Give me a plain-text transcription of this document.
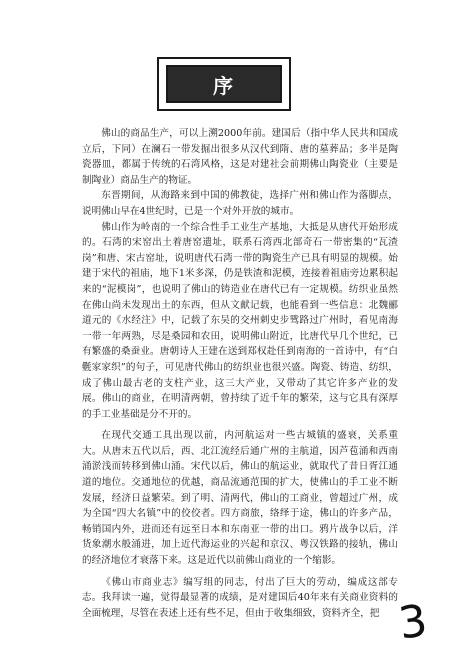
序

佛山的商品生产，可以上溯2000年前。建国后（指中华人民共和国成立后，下同）在澜石一带发掘出很多从汉代到隋、唐的墓葬品；多半是陶瓷器皿，都属于传统的石湾风格，这是对建社会前期佛山陶瓷业（主要是制陶业）商品生产的物证。

东晋期间，从海路来到中国的佛教徒，选择广州和佛山作为落脚点，说明佛山早在4世纪时，已是一个对外开放的城市。

佛山作为岭南的一个综合性手工业生产基地，大抵是从唐代开始形成的。石湾的宋窑出土着唐窑遗址，联系石湾西北部奇石一带密集的“瓦渣岗”和唐、宋古窑址，说明唐代石湾一带的陶瓷生产已具有明显的规模。始建于宋代的祖庙，地下1米多深，仍是铁渣和泥模，连接着祖庙旁边累积起来的“泥模岗”，也说明了佛山的铸造业在唐代已有一定规模。纺织业虽然在佛山尚未发现出土的东西，但从文献记载，也能看到一些信息：北魏郦道元的《水经注》中，记载了东吴的交州刺史步骘路过广州时，看见南海一带一年两熟，尽是桑园和农田，说明佛山附近，比唐代早几个世纪，已有繁盛的桑蚕业。唐朝诗人王建在送到郑权赴任到南海的一首诗中，有“白氎家家织”的句子，可见唐代佛山的纺织业也很兴盛。陶瓷、铸造、纺织，成了佛山最古老的支柱产业，这三大产业，又带动了其它许多产业的发展。佛山的商业，在明清两朝，曾持续了近千年的繁荣，这与它具有深厚的手工业基础是分不开的。

在现代交通工具出现以前，内河航运对一些古城镇的盛衰，关系重大。从唐末五代以后，西、北江流经后通广州的主航道，因芦苞涌和西南涌淤浅而转移到佛山涌。宋代以后，佛山的航运业，就取代了昔日胥江通道的地位。交通地位的优越，商品流通范围的扩大，使佛山的手工业不断发展，经济日益繁荣。到了明、清两代，佛山的工商业，曾超过广州，成为全国“四大名镇”中的佼佼者。四方商旅，络绎于途，佛山的许多产品，畅销国内外，进而还有远至日本和东南亚一带的出口。鸦片战争以后，洋货象潮水般涌进，加上近代海运业的兴起和京汉、粤汉铁路的接轨，佛山的经济地位才衰落下来。这是近代以前佛山商业的一个缩影。

《佛山市商业志》编写组的同志，付出了巨大的劳动，编成这部专志。我拜读一遍，觉得最显著的成绩，是对建国后40年来有关商业资料的全面梳理，尽管在表述上还有些不足，但由于收集细致，资料齐全，把 3
